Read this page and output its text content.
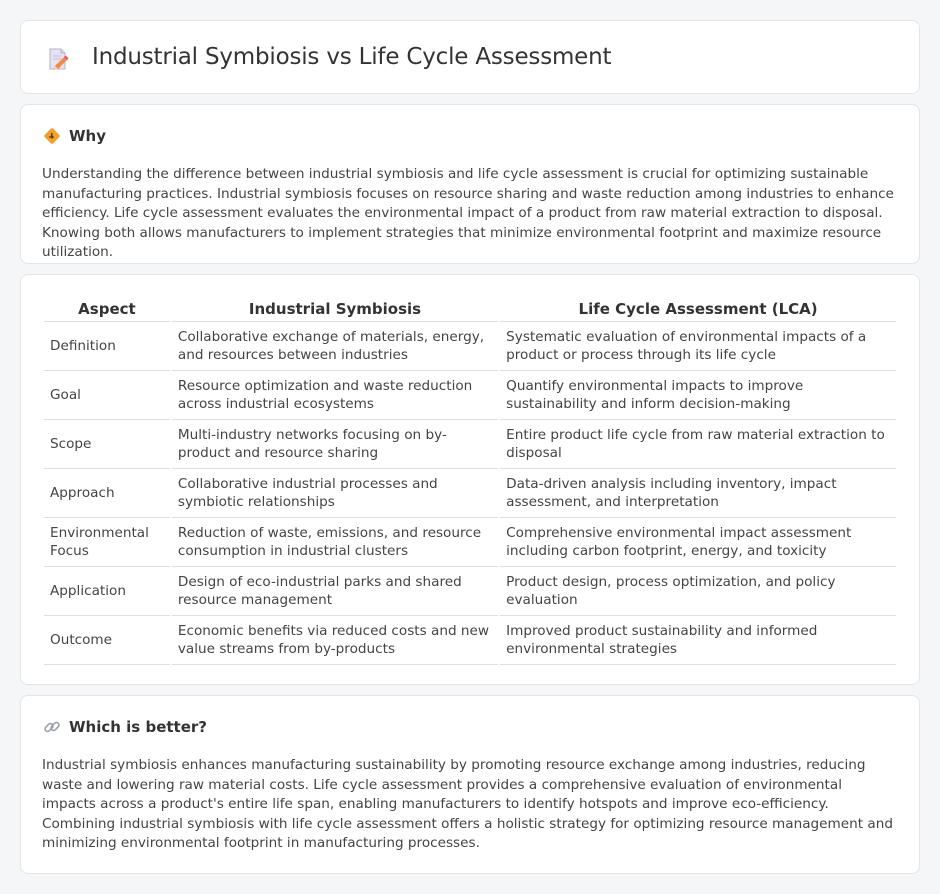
Industrial Symbiosis vs Life Cycle Assessment
Why

Understanding the difference between industrial symbiosis and life cycle assessment is crucial for optimizing sustainable manufacturing practices. Industrial symbiosis focuses on resource sharing and waste reduction among industries to enhance efficiency. Life cycle assessment evaluates the environmental impact of a product from raw material extraction to disposal. Knowing both allows manufacturers to implement strategies that minimize environmental footprint and maximize resource utilization.

Aspect	Industrial Symbiosis	Life Cycle Assessment (LCA)
Definition	Collaborative exchange of materials, energy, and resources between industries	Systematic evaluation of environmental impacts of a product or process through its life cycle
Goal	Resource optimization and waste reduction across industrial ecosystems	Quantify environmental impacts to improve sustainability and inform decision-making
Scope	Multi-industry networks focusing on by-product and resource sharing	Entire product life cycle from raw material extraction to disposal
Approach	Collaborative industrial processes and symbiotic relationships	Data-driven analysis including inventory, impact assessment, and interpretation
Environmental Focus	Reduction of waste, emissions, and resource consumption in industrial clusters	Comprehensive environmental impact assessment including carbon footprint, energy, and toxicity
Application	Design of eco-industrial parks and shared resource management	Product design, process optimization, and policy evaluation
Outcome	Economic benefits via reduced costs and new value streams from by-products	Improved product sustainability and informed environmental strategies
Which is better?

Industrial symbiosis enhances manufacturing sustainability by promoting resource exchange among industries, reducing waste and lowering raw material costs. Life cycle assessment provides a comprehensive evaluation of environmental impacts across a product's entire life span, enabling manufacturers to identify hotspots and improve eco-efficiency. Combining industrial symbiosis with life cycle assessment offers a holistic strategy for optimizing resource management and minimizing environmental footprint in manufacturing processes.
